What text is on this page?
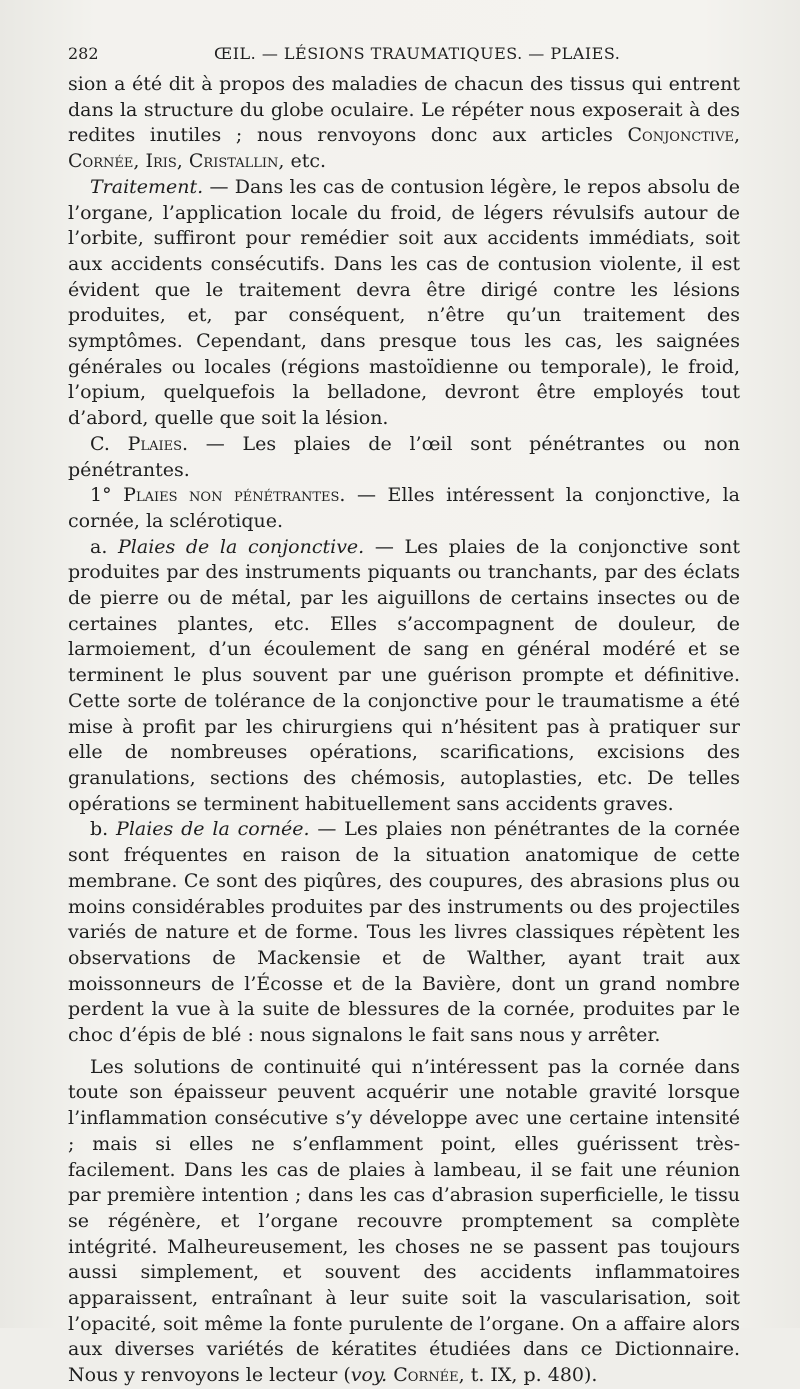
282	ŒIL. — LÉSIONS TRAUMATIQUES. — PLAIES.

sion a été dit à propos des maladies de chacun des tissus qui entrent dans la structure du globe oculaire. Le répéter nous exposerait à des redites inutiles ; nous renvoyons donc aux articles Conjonctive, Cornée, Iris, Cristallin, etc.

Traitement. — Dans les cas de contusion légère, le repos absolu de l’organe, l’application locale du froid, de légers révulsifs autour de l’orbite, suffiront pour remédier soit aux accidents immédiats, soit aux accidents consécutifs. Dans les cas de contusion violente, il est évident que le traitement devra être dirigé contre les lésions produites, et, par conséquent, n’être qu’un traitement des symptômes. Cependant, dans presque tous les cas, les saignées générales ou locales (régions mastoïdienne ou temporale), le froid, l’opium, quelquefois la belladone, devront être employés tout d’abord, quelle que soit la lésion.

C. Plaies. — Les plaies de l’œil sont pénétrantes ou non pénétrantes.

1° Plaies non pénétrantes. — Elles intéressent la conjonctive, la cornée, la sclérotique.

a. Plaies de la conjonctive. — Les plaies de la conjonctive sont produites par des instruments piquants ou tranchants, par des éclats de pierre ou de métal, par les aiguillons de certains insectes ou de certaines plantes, etc. Elles s’accompagnent de douleur, de larmoiement, d’un écoulement de sang en général modéré et se terminent le plus souvent par une guérison prompte et définitive. Cette sorte de tolérance de la conjonctive pour le traumatisme a été mise à profit par les chirurgiens qui n’hésitent pas à pratiquer sur elle de nombreuses opérations, scarifications, excisions des granulations, sections des chémosis, autoplasties, etc. De telles opérations se terminent habituellement sans accidents graves.

b. Plaies de la cornée. — Les plaies non pénétrantes de la cornée sont fréquentes en raison de la situation anatomique de cette membrane. Ce sont des piqûres, des coupures, des abrasions plus ou moins considérables produites par des instruments ou des projectiles variés de nature et de forme. Tous les livres classiques répètent les observations de Mackensie et de Walther, ayant trait aux moissonneurs de l’Écosse et de la Bavière, dont un grand nombre perdent la vue à la suite de blessures de la cornée, produites par le choc d’épis de blé : nous signalons le fait sans nous y arrêter.

Les solutions de continuité qui n’intéressent pas la cornée dans toute son épaisseur peuvent acquérir une notable gravité lorsque l’inflammation consécutive s’y développe avec une certaine intensité ; mais si elles ne s’enflamment point, elles guérissent très-facilement. Dans les cas de plaies à lambeau, il se fait une réunion par première intention ; dans les cas d’abrasion superficielle, le tissu se régénère, et l’organe recouvre promptement sa complète intégrité. Malheureusement, les choses ne se passent pas toujours aussi simplement, et souvent des accidents inflammatoires apparaissent, entraînant à leur suite soit la vascularisation, soit l’opacité, soit même la fonte purulente de l’organe. On a affaire alors aux diverses variétés de kératites étudiées dans ce Dictionnaire. Nous y renvoyons le lecteur (voy. Cornée, t. IX, p. 480).
